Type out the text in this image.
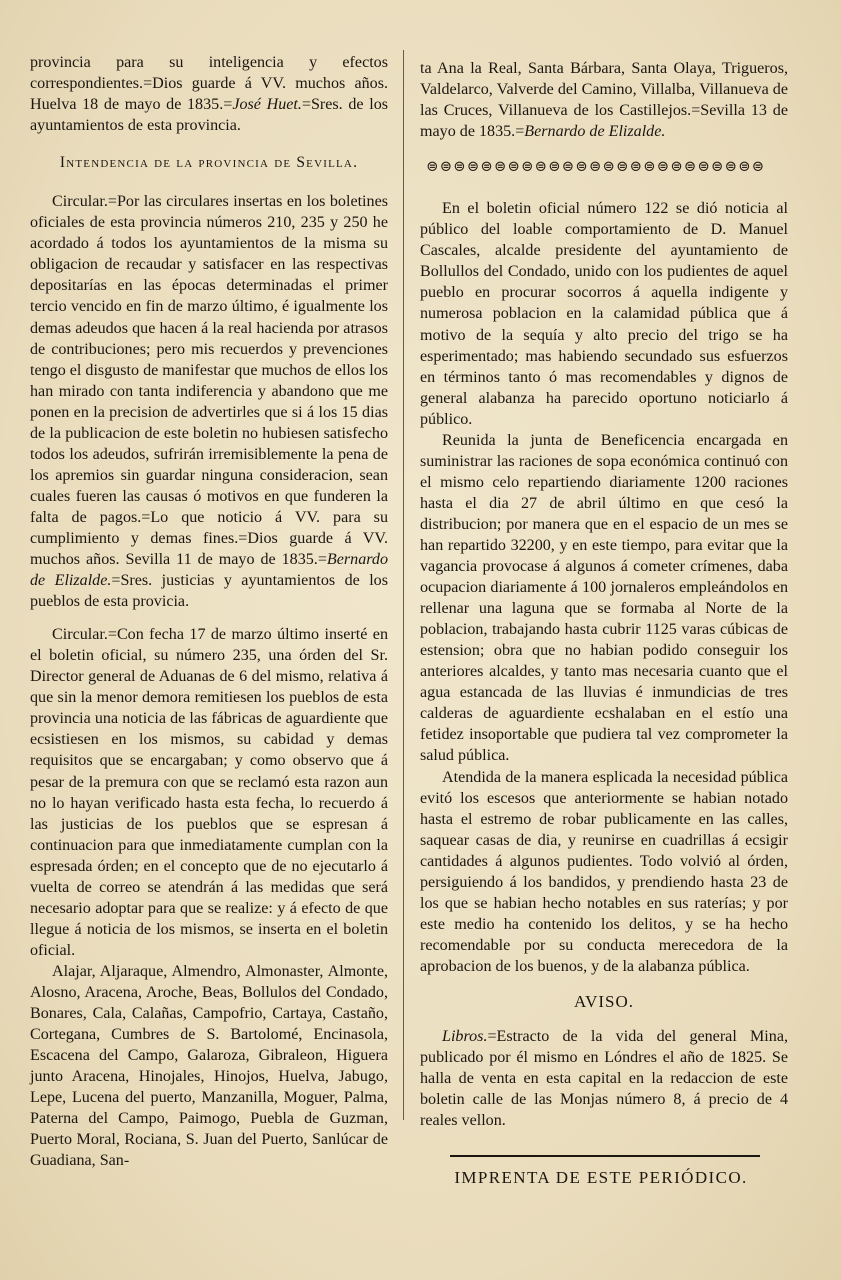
provincia para su inteligencia y efectos correspondientes.=Dios guarde á VV. muchos años. Huelva 18 de mayo de 1835.=José Huet.=Sres. de los ayuntamientos de esta provincia.

Intendencia de la provincia de Sevilla.

Circular.=Por las circulares insertas en los boletines oficiales de esta provincia números 210, 235 y 250 he acordado á todos los ayuntamientos de la misma su obligacion de recaudar y satisfacer en las respectivas depositarías en las épocas determinadas el primer tercio vencido en fin de marzo último, é igualmente los demas adeudos que hacen á la real hacienda por atrasos de contribuciones; pero mis recuerdos y prevenciones tengo el disgusto de manifestar que muchos de ellos los han mirado con tanta indiferencia y abandono que me ponen en la precision de advertirles que si á los 15 dias de la publicacion de este boletin no hubiesen satisfecho todos los adeudos, sufrirán irremisiblemente la pena de los apremios sin guardar ninguna consideracion, sean cuales fueren las causas ó motivos en que funderen la falta de pagos.=Lo que noticio á VV. para su cumplimiento y demas fines.=Dios guarde á VV. muchos años. Sevilla 11 de mayo de 1835.=Bernardo de Elizalde.=Sres. justicias y ayuntamientos de los pueblos de esta provicia.

Circular.=Con fecha 17 de marzo último inserté en el boletin oficial, su número 235, una órden del Sr. Director general de Aduanas de 6 del mismo, relativa á que sin la menor demora remitiesen los pueblos de esta provincia una noticia de las fábricas de aguardiente que ecsistiesen en los mismos, su cabidad y demas requisitos que se encargaban; y como observo que á pesar de la premura con que se reclamó esta razon aun no lo hayan verificado hasta esta fecha, lo recuerdo á las justicias de los pueblos que se espresan á continuacion para que inmediatamente cumplan con la espresada órden; en el concepto que de no ejecutarlo á vuelta de correo se atendrán á las medidas que será necesario adoptar para que se realize: y á efecto de que llegue á noticia de los mismos, se inserta en el boletin oficial.

Alajar, Aljaraque, Almendro, Almonaster, Almonte, Alosno, Aracena, Aroche, Beas, Bollulos del Condado, Bonares, Cala, Calañas, Campofrio, Cartaya, Castaño, Cortegana, Cumbres de S. Bartolomé, Encinasola, Escacena del Campo, Galaroza, Gibraleon, Higuera junto Aracena, Hinojales, Hinojos, Huelva, Jabugo, Lepe, Lucena del puerto, Manzanilla, Moguer, Palma, Paterna del Campo, Paimogo, Puebla de Guzman, Puerto Moral, Rociana, S. Juan del Puerto, Sanlúcar de Guadiana, San-

ta Ana la Real, Santa Bárbara, Santa Olaya, Trigueros, Valdelarco, Valverde del Camino, Villalba, Villanueva de las Cruces, Villanueva de los Castillejos.=Sevilla 13 de mayo de 1835.=Bernardo de Elizalde.

⊜⊜⊜⊜⊜⊜⊜⊜⊜⊜⊜⊜⊜⊜⊜⊜⊜⊜⊜⊜⊜⊜⊜⊜⊜

En el boletin oficial número 122 se dió noticia al público del loable comportamiento de D. Manuel Cascales, alcalde presidente del ayuntamiento de Bollullos del Condado, unido con los pudientes de aquel pueblo en procurar socorros á aquella indigente y numerosa poblacion en la calamidad pública que á motivo de la sequía y alto precio del trigo se ha esperimentado; mas habiendo secundado sus esfuerzos en términos tanto ó mas recomendables y dignos de general alabanza ha parecido oportuno noticiarlo á público.

Reunida la junta de Beneficencia encargada en suministrar las raciones de sopa económica continuó con el mismo celo repartiendo diariamente 1200 raciones hasta el dia 27 de abril último en que cesó la distribucion; por manera que en el espacio de un mes se han repartido 32200, y en este tiempo, para evitar que la vagancia provocase á algunos á cometer crímenes, daba ocupacion diariamente á 100 jornaleros empleándolos en rellenar una laguna que se formaba al Norte de la poblacion, trabajando hasta cubrir 1125 varas cúbicas de estension; obra que no habian podido conseguir los anteriores alcaldes, y tanto mas necesaria cuanto que el agua estancada de las lluvias é inmundicias de tres calderas de aguardiente ecshalaban en el estío una fetidez insoportable que pudiera tal vez comprometer la salud pública.

Atendida de la manera esplicada la necesidad pública evitó los escesos que anteriormente se habian notado hasta el estremo de robar publicamente en las calles, saquear casas de dia, y reunirse en cuadrillas á ecsigir cantidades á algunos pudientes. Todo volvió al órden, persiguiendo á los bandidos, y prendiendo hasta 23 de los que se habian hecho notables en sus raterías; y por este medio ha contenido los delitos, y se ha hecho recomendable por su conducta merecedora de la aprobacion de los buenos, y de la alabanza pública.

AVISO.

Libros.=Estracto de la vida del general Mina, publicado por él mismo en Lóndres el año de 1825. Se halla de venta en esta capital en la redaccion de este boletin calle de las Monjas número 8, á precio de 4 reales vellon.

IMPRENTA DE ESTE PERIÓDICO.
